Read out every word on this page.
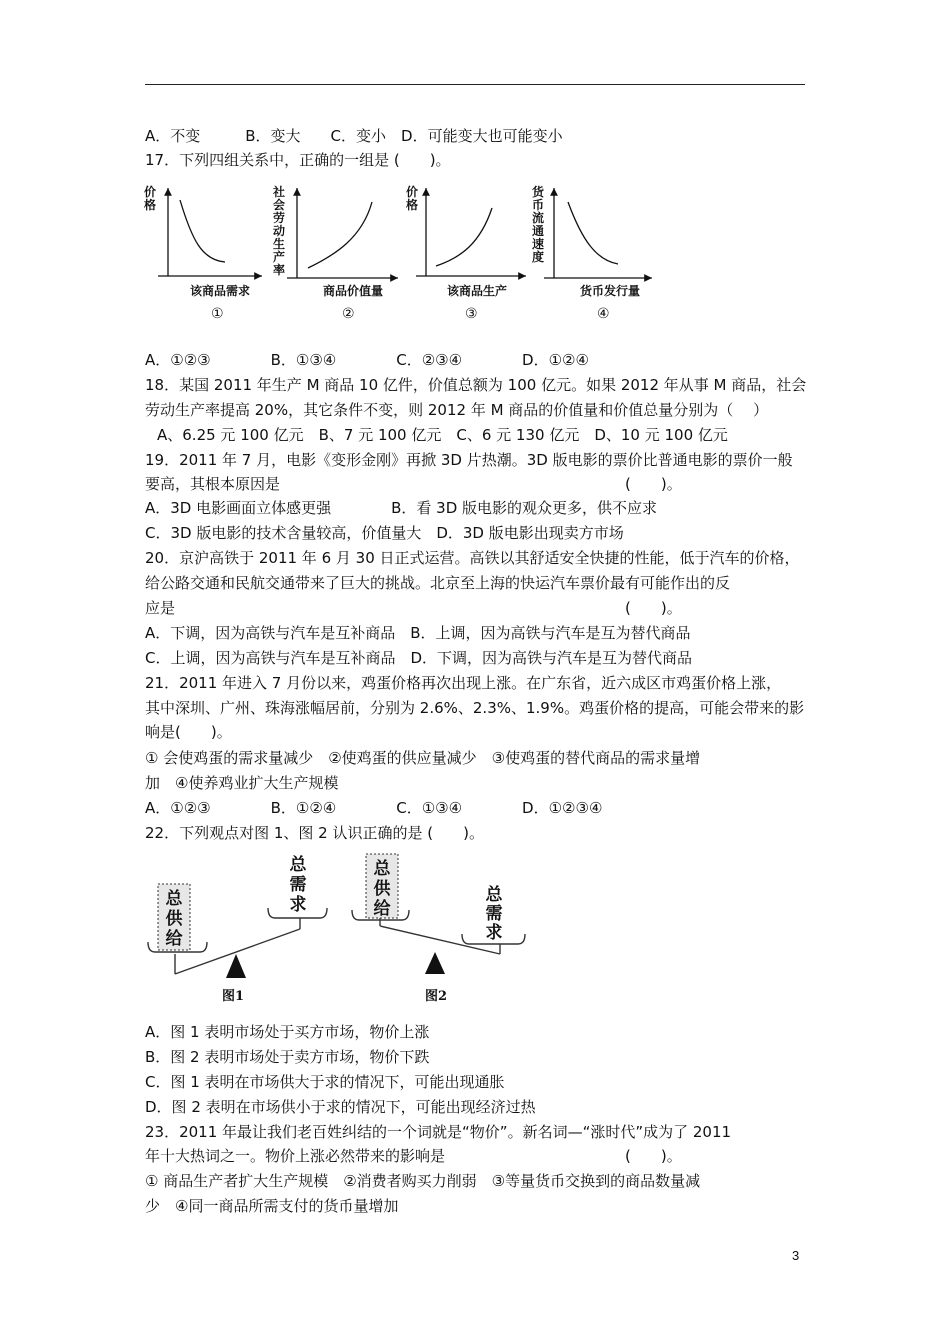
A．不变　　　B．变大　　C．变小　D．可能变大也可能变小
17．下列四组关系中，正确的一组是 (　　)。
价格
该商品需求
①
社会劳动生产率
商品价值量
②
价格
该商品生产
③
货币流通速度
货币发行量
④
A．①②③　　　　B．①③④　　　　C．②③④　　　　D．①②④
18．某国 2011 年生产 M 商品 10 亿件，价值总额为 100 亿元。如果 2012 年从事 M 商品，社会
劳动生产率提高 20%，其它条件不变，则 2012 年 M 商品的价值量和价值总量分别为（　 ）
A、6.25 元 100 亿元　B、7 元 100 亿元　C、6 元 130 亿元　D、10 元 100 亿元
19．2011 年 7 月，电影《变形金刚》再掀 3D 片热潮。3D 版电影的票价比普通电影的票价一般
要高，其根本原因是　　　　　　　　　　　　　　　　　　　　　　　(　　)。
A．3D 电影画面立体感更强　　　　B．看 3D 版电影的观众更多，供不应求
C．3D 版电影的技术含量较高，价值量大　D．3D 版电影出现卖方市场
20．京沪高铁于 2011 年 6 月 30 日正式运营。高铁以其舒适安全快捷的性能，低于汽车的价格，
给公路交通和民航交通带来了巨大的挑战。北京至上海的快运汽车票价最有可能作出的反
应是　　　　　　　　　　　　　　　　　　　　　　　　　　　　　　(　　)。
A．下调，因为高铁与汽车是互补商品　B．上调，因为高铁与汽车是互为替代商品
C．上调，因为高铁与汽车是互补商品　D．下调，因为高铁与汽车是互为替代商品
21．2011 年进入 7 月份以来，鸡蛋价格再次出现上涨。在广东省，近六成区市鸡蛋价格上涨，
其中深圳、广州、珠海涨幅居前，分别为 2.6%、2.3%、1.9%。鸡蛋价格的提高，可能会带来的影
响是(　　)。
① 会使鸡蛋的需求量减少　②使鸡蛋的供应量减少　③使鸡蛋的替代商品的需求量增
加　④使养鸡业扩大生产规模
A．①②③　　　　B．①②④　　　　C．①③④　　　　D．①②③④
22．下列观点对图 1、图 2 认识正确的是 (　　)。
总
供
给
总
需
求
图1
总
供
给
总
需
求
图2
A．图 1 表明市场处于买方市场，物价上涨
B．图 2 表明市场处于卖方市场，物价下跌
C．图 1 表明在市场供大于求的情况下，可能出现通胀
D．图 2 表明在市场供小于求的情况下，可能出现经济过热
23．2011 年最让我们老百姓纠结的一个词就是“物价”。新名词—“涨时代”成为了 2011
年十大热词之一。物价上涨必然带来的影响是　　　　　　　　　　　　(　　)。
① 商品生产者扩大生产规模　②消费者购买力削弱　③等量货币交换到的商品数量减
少　④同一商品所需支付的货币量增加
3
